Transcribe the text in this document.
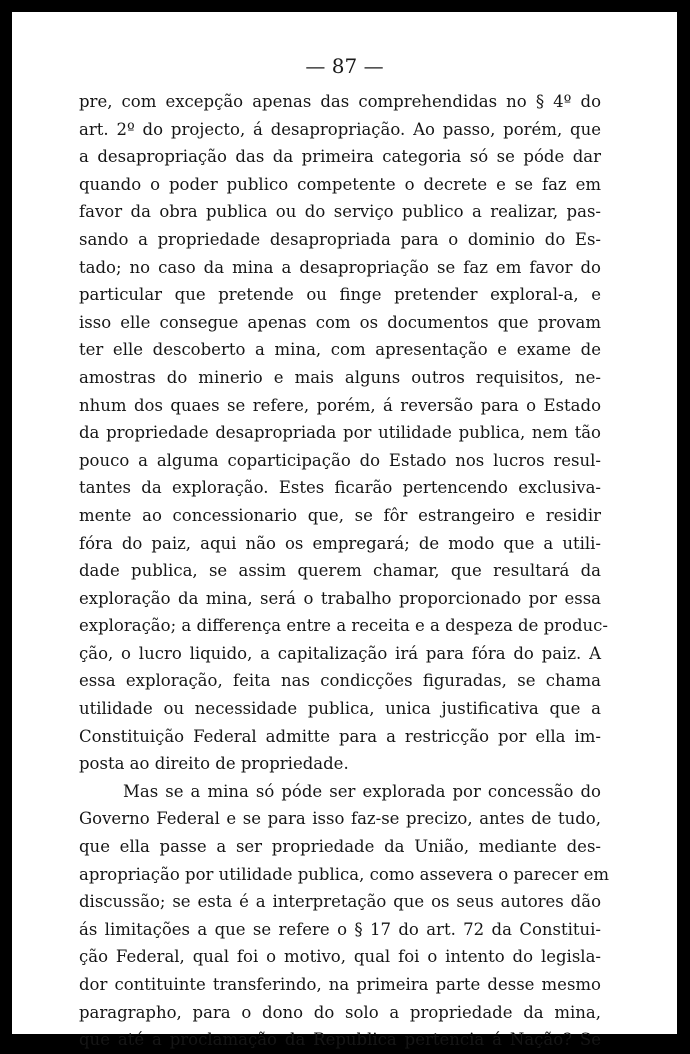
— 87 —
pre, com excepção apenas das comprehendidas no § 4º do
art. 2º do projecto, á desapropriação. Ao passo, porém, que
a desapropriação das da primeira categoria só se póde dar
quando o poder publico competente o decrete e se faz em
favor da obra publica ou do serviço publico a realizar, pas-
sando a propriedade desapropriada para o dominio do Es-
tado; no caso da mina a desapropriação se faz em favor do
particular que pretende ou finge pretender exploral-a, e
isso elle consegue apenas com os documentos que provam
ter elle descoberto a mina, com apresentação e exame de
amostras do minerio e mais alguns outros requisitos, ne-
nhum dos quaes se refere, porém, á reversão para o Estado
da propriedade desapropriada por utilidade publica, nem tão
pouco a alguma coparticipação do Estado nos lucros resul-
tantes da exploração. Estes ficarão pertencendo exclusiva-
mente ao concessionario que, se fôr estrangeiro e residir
fóra do paiz, aqui não os empregará; de modo que a utili-
dade publica, se assim querem chamar, que resultará da
exploração da mina, será o trabalho proporcionado por essa
exploração; a differença entre a receita e a despeza de produc-
ção, o lucro liquido, a capitalização irá para fóra do paiz. A
essa exploração, feita nas condicções figuradas, se chama
utilidade ou necessidade publica, unica justificativa que a
Constituição Federal admitte para a restricção por ella im-
posta ao direito de propriedade.
Mas se a mina só póde ser explorada por concessão do
Governo Federal e se para isso faz-se precizo, antes de tudo,
que ella passe a ser propriedade da União, mediante des-
apropriação por utilidade publica, como assevera o parecer em
discussão; se esta é a interpretação que os seus autores dão
ás limitações a que se refere o § 17 do art. 72 da Constitui-
ção Federal, qual foi o motivo, qual foi o intento do legisla-
dor contituinte transferindo, na primeira parte desse mesmo
paragrapho, para o dono do solo a propriedade da mina,
que até a proclamação da Republica pertencia á Nação? Se
